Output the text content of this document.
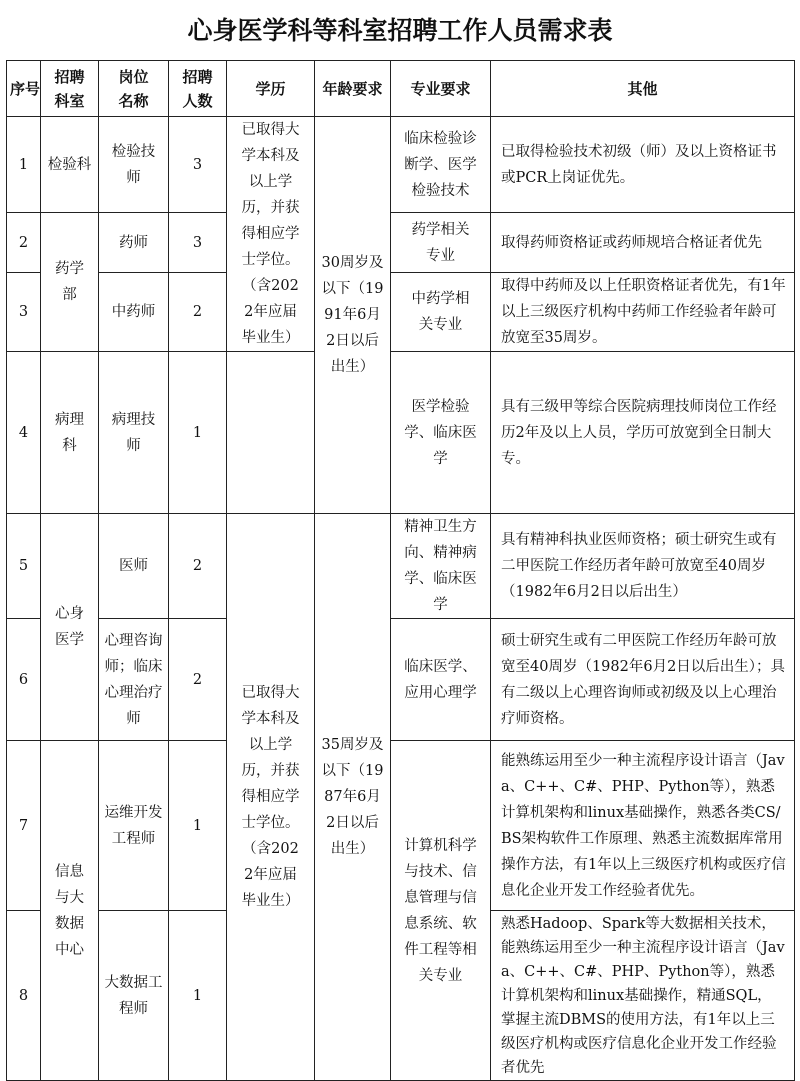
心身医学科等科室招聘工作人员需求表
序号	招聘科室	岗位名称	招聘人数	学历	年龄要求	专业要求	其他
1	检验科	检验技师	3	已取得大学本科及以上学历，并获得相应学士学位。（含2022年应届毕业生）	30周岁及以下（1991年6月2日以后出生）	临床检验诊断学、医学检验技术	已取得检验技术初级（师）及以上资格证书或PCR上岗证优先。
2	药学部	药师	3			药学相关专业	取得药师资格证或药师规培合格证者优先
3		中药师	2			中药学相关专业	取得中药师及以上任职资格证者优先，有1年以上三级医疗机构中药师工作经验者年龄可放宽至35周岁。
4	病理科	病理技师	1			医学检验学、临床医学	具有三级甲等综合医院病理技师岗位工作经历2年及以上人员，学历可放宽到全日制大专。
5	心身医学	医师	2	已取得大学本科及以上学历，并获得相应学士学位。（含2022年应届毕业生）	35周岁及以下（1987年6月2日以后出生）	精神卫生方向、精神病学、临床医学	具有精神科执业医师资格；硕士研究生或有二甲医院工作经历者年龄可放宽至40周岁（1982年6月2日以后出生）
6		心理咨询师；临床心理治疗师	2			临床医学、应用心理学	硕士研究生或有二甲医院工作经历年龄可放宽至40周岁（1982年6月2日以后出生）；具有二级以上心理咨询师或初级及以上心理治疗师资格。
7	信息与大数据中心	运维开发工程师	1			计算机科学与技术、信息管理与信息系统、软件工程等相关专业	能熟练运用至少一种主流程序设计语言（Java、C++、C#、PHP、Python等），熟悉计算机架构和linux基础操作，熟悉各类CS/BS架构软件工作原理、熟悉主流数据库常用操作方法，有1年以上三级医疗机构或医疗信息化企业开发工作经验者优先。
8		大数据工程师	1				熟悉Hadoop、Spark等大数据相关技术，能熟练运用至少一种主流程序设计语言（Java、C++、C#、PHP、Python等），熟悉计算机架构和linux基础操作，精通SQL，掌握主流DBMS的使用方法，有1年以上三级医疗机构或医疗信息化企业开发工作经验者优先
